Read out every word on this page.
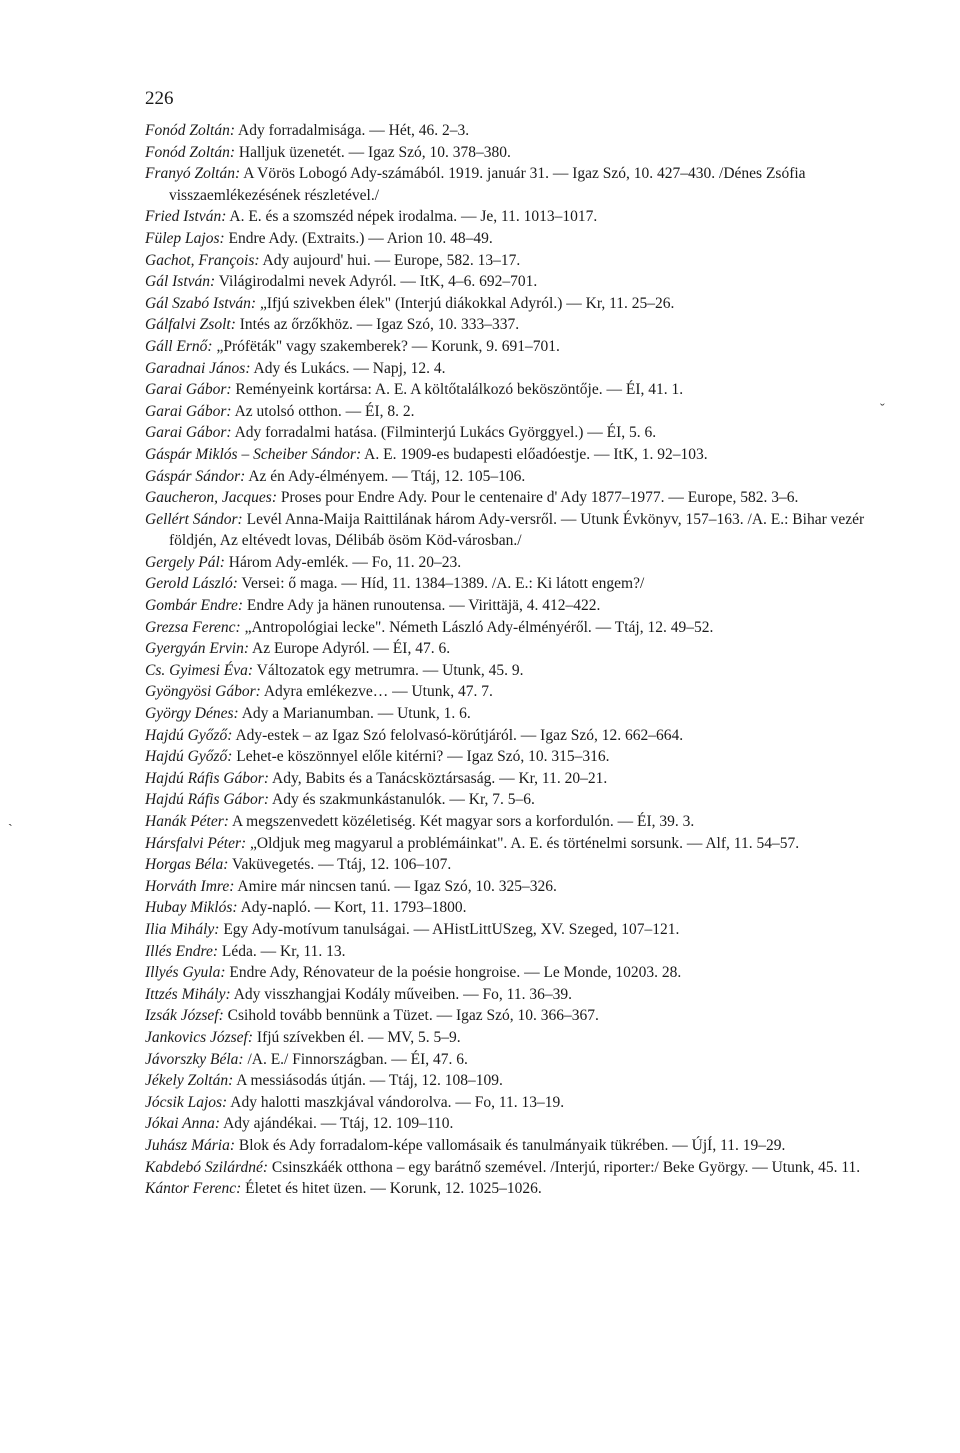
226
Fonód Zoltán: Ady forradalmisága. — Hét, 46. 2–3.
Fonód Zoltán: Halljuk üzenetét. — Igaz Szó, 10. 378–380.
Franyó Zoltán: A Vörös Lobogó Ady-számából. 1919. január 31. — Igaz Szó, 10. 427–430. /Dénes Zsófia visszaemlékezésének részletével./
Fried István: A. E. és a szomszéd népek irodalma. — Je, 11. 1013–1017.
Fülep Lajos: Endre Ady. (Extraits.) — Arion 10. 48–49.
Gachot, François: Ady aujourd' hui. — Europe, 582. 13–17.
Gál István: Világirodalmi nevek Adyról. — ItK, 4–6. 692–701.
Gál Szabó István: „Ifjú szivekben élek" (Interjú diákokkal Adyról.) — Kr, 11. 25–26.
Gálfalvi Zsolt: Intés az őrzőkhöz. — Igaz Szó, 10. 333–337.
Gáll Ernő: „Prófёták" vagy szakemberek? — Korunk, 9. 691–701.
Garadnai János: Ady és Lukács. — Napj, 12. 4.
Garai Gábor: Reményeink kortársa: A. E. A költőtalálkozó beköszöntője. — ÉI, 41. 1.
Garai Gábor: Az utolsó otthon. — ÉI, 8. 2.
Garai Gábor: Ady forradalmi hatása. (Filminterjú Lukács Györggyel.) — ÉI, 5. 6.
Gáspár Miklós – Scheiber Sándor: A. E. 1909-es budapesti előadóestje. — ItK, 1. 92–103.
Gáspár Sándor: Az én Ady-élményem. — Ttáj, 12. 105–106.
Gaucheron, Jacques: Proses pour Endre Ady. Pour le centenaire d' Ady 1877–1977. — Europe, 582. 3–6.
Gellért Sándor: Levél Anna-Maija Raittilának három Ady-versről. — Utunk Évkönyv, 157–163. /A. E.: Bihar vezér földjén, Az eltévedt lovas, Délibáb ösöm Köd-városban./
Gergely Pál: Három Ady-emlék. — Fo, 11. 20–23.
Gerold László: Versei: ő maga. — Híd, 11. 1384–1389. /A. E.: Ki látott engem?/
Gombár Endre: Endre Ady ja hänen runoutensa. — Virittäjä, 4. 412–422.
Grezsa Ferenc: „Antropológiai lecke". Németh László Ady-élményéről. — Ttáj, 12. 49–52.
Gyergyán Ervin: Az Europe Adyról. — ÉI, 47. 6.
Cs. Gyimesi Éva: Változatok egy metrumra. — Utunk, 45. 9.
Gyöngyösi Gábor: Adyra emlékezve… — Utunk, 47. 7.
György Dénes: Ady a Marianumban. — Utunk, 1. 6.
Hajdú Győző: Ady-estek – az Igaz Szó felolvasó-körútjáról. — Igaz Szó, 12. 662–664.
Hajdú Győző: Lehet-e köszönnyel előle kitérni? — Igaz Szó, 10. 315–316.
Hajdú Ráfis Gábor: Ady, Babits és a Tanácsköztársaság. — Kr, 11. 20–21.
Hajdú Ráfis Gábor: Ady és szakmunkástanulók. — Kr, 7. 5–6.
Hanák Péter: A megszenvedett közéletiség. Két magyar sors a korfordulón. — ÉI, 39. 3.
Hársfalvi Péter: „Oldjuk meg magyarul a problémáinkat". A. E. és történelmi sorsunk. — Alf, 11. 54–57.
Horgas Béla: Vaküvegetés. — Ttáj, 12. 106–107.
Horváth Imre: Amire már nincsen tanú. — Igaz Szó, 10. 325–326.
Hubay Miklós: Ady-napló. — Kort, 11. 1793–1800.
Ilia Mihály: Egy Ady-motívum tanulságai. — AHistLittUSzeg, XV. Szeged, 107–121.
Illés Endre: Léda. — Kr, 11. 13.
Illyés Gyula: Endre Ady, Rénovateur de la poésie hongroise. — Le Monde, 10203. 28.
Ittzés Mihály: Ady visszhangjai Kodály műveiben. — Fo, 11. 36–39.
Izsák József: Csihold tovább bennünk a Tüzet. — Igaz Szó, 10. 366–367.
Jankovics József: Ifjú szívekben él. — MV, 5. 5–9.
Jávorszky Béla: /A. E./ Finnországban. — ÉI, 47. 6.
Jékely Zoltán: A messiásodás útján. — Ttáj, 12. 108–109.
Jócsik Lajos: Ady halotti maszkjával vándorolva. — Fo, 11. 13–19.
Jókai Anna: Ady ajándékai. — Ttáj, 12. 109–110.
Juhász Mária: Blok és Ady forradalom-képe vallomásaik és tanulmányaik tükrében. — ÚjÍ, 11. 19–29.
Kabdebó Szilárdné: Csinszkáék otthona – egy barátnő szemével. /Interjú, riporter:/ Beke György. — Utunk, 45. 11.
Kántor Ferenc: Életet és hitet üzen. — Korunk, 12. 1025–1026.
ˇ
ˎ
